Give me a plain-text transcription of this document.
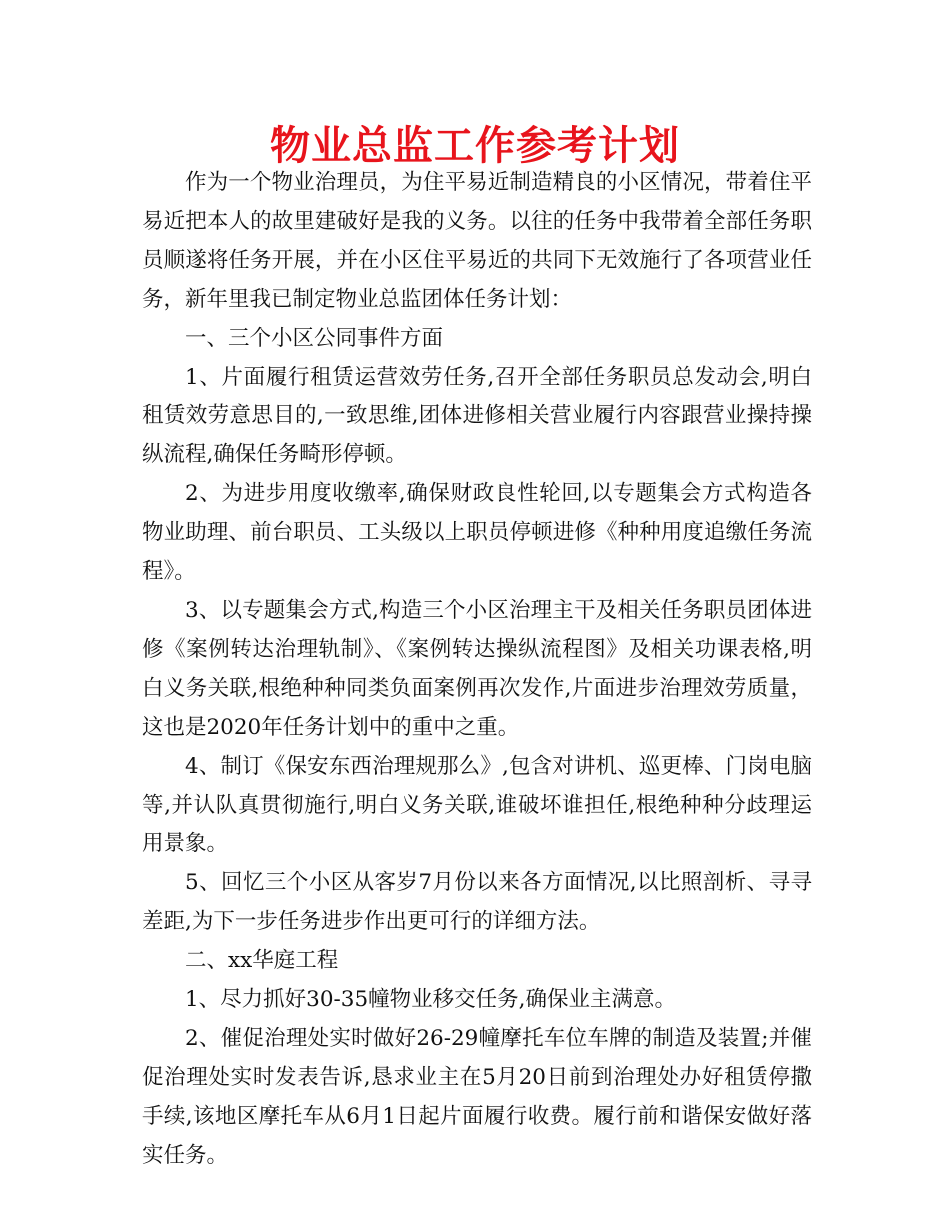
物业总监工作参考计划

作为一个物业治理员，为住平易近制造精良的小区情况，带着住平易近把本人的故里建破好是我的义务。以往的任务中我带着全部任务职员顺遂将任务开展，并在小区住平易近的共同下无效施行了各项营业任务，新年里我已制定物业总监团体任务计划：

一、三个小区公同事件方面

1、片面履行租赁运营效劳任务,召开全部任务职员总发动会,明白租赁效劳意思目的,一致思维,团体进修相关营业履行内容跟营业操持操纵流程,确保任务畸形停顿。

2、为进步用度收缴率,确保财政良性轮回,以专题集会方式构造各物业助理、前台职员、工头级以上职员停顿进修《种种用度追缴任务流程》。

3、以专题集会方式,构造三个小区治理主干及相关任务职员团体进修《案例转达治理轨制》、《案例转达操纵流程图》及相关功课表格,明白义务关联,根绝种种同类负面案例再次发作,片面进步治理效劳质量，这也是2020年任务计划中的重中之重。

4、制订《保安东西治理规那么》,包含对讲机、巡更棒、门岗电脑等,并认队真贯彻施行,明白义务关联,谁破坏谁担任,根绝种种分歧理运用景象。

5、回忆三个小区从客岁7月份以来各方面情况,以比照剖析、寻寻差距,为下一步任务进步作出更可行的详细方法。

二、xx华庭工程

1、尽力抓好30-35幢物业移交任务,确保业主满意。

2、催促治理处实时做好26-29幢摩托车位车牌的制造及装置;并催促治理处实时发表告诉,恳求业主在5月20日前到治理处办好租赁停撒手续,该地区摩托车从6月1日起片面履行收费。履行前和谐保安做好落实任务。
